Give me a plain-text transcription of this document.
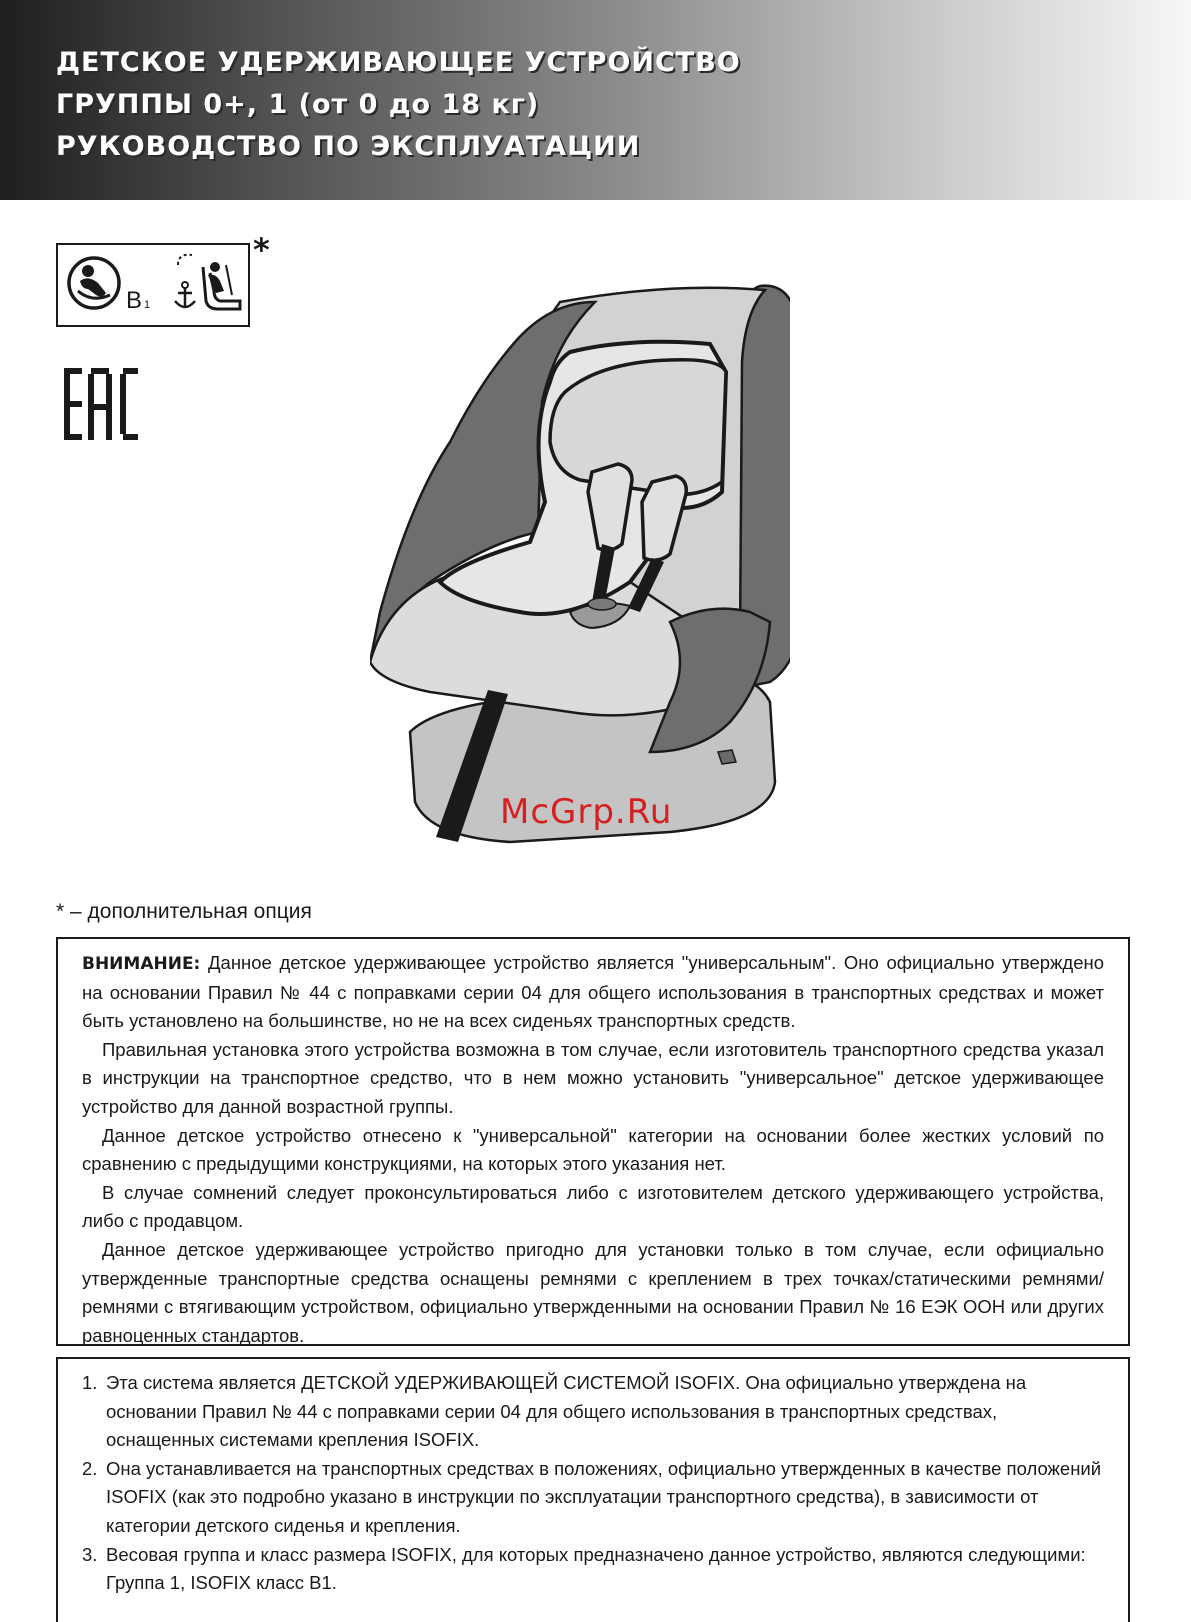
ДЕТСКОЕ УДЕРЖИВАЮЩЕЕ УСТРОЙСТВО
ГРУППЫ 0+, 1 (от 0 до 18 кг)
РУКОВОДСТВО ПО ЭКСПЛУАТАЦИИ
B 1
*
McGrp.Ru
* – дополнительная опция

ВНИМАНИЕ: Данное детское удерживающее устройство является "универсальным". Оно официально утверждено на основании Правил № 44 с поправками серии 04 для общего использования в транспортных средствах и может быть установлено на большинстве, но не на всех сиденьях транспортных средств.

Правильная установка этого устройства возможна в том случае, если изготовитель транспортного средства указал в инструкции на транспортное средство, что в нем можно установить "универсальное" детское удерживающее устройство для данной возрастной группы.

Данное детское устройство отнесено к "универсальной" категории на основании более жестких условий по сравнению с предыдущими конструкциями, на которых этого указания нет.

В случае сомнений следует проконсультироваться либо с изготовителем детского удерживающего устройства, либо с продавцом.

Данное детское удерживающее устройство пригодно для установки только в том случае, если официально утвержденные транспортные средства оснащены ремнями с креплением в трех точках/статическими ремнями/ремнями с втягивающим устройством, официально утвержденными на основании Правил № 16 ЕЭК ООН или других равноценных стандартов.

1. Эта система является ДЕТСКОЙ УДЕРЖИВАЮЩЕЙ СИСТЕМОЙ ISOFIX. Она официально утверждена на основании Правил № 44 с поправками серии 04 для общего использования в транспортных средствах, оснащенных системами крепления ISOFIX.
2. Она устанавливается на транспортных средствах в положениях, официально утвержденных в качестве положений ISOFIX (как это подробно указано в инструкции по эксплуатации транспортного средства), в зависимости от категории детского сиденья и крепления.
3. Весовая группа и класс размера ISOFIX, для которых предназначено данное устройство, являются следующими: Группа 1, ISOFIX класс B1.
